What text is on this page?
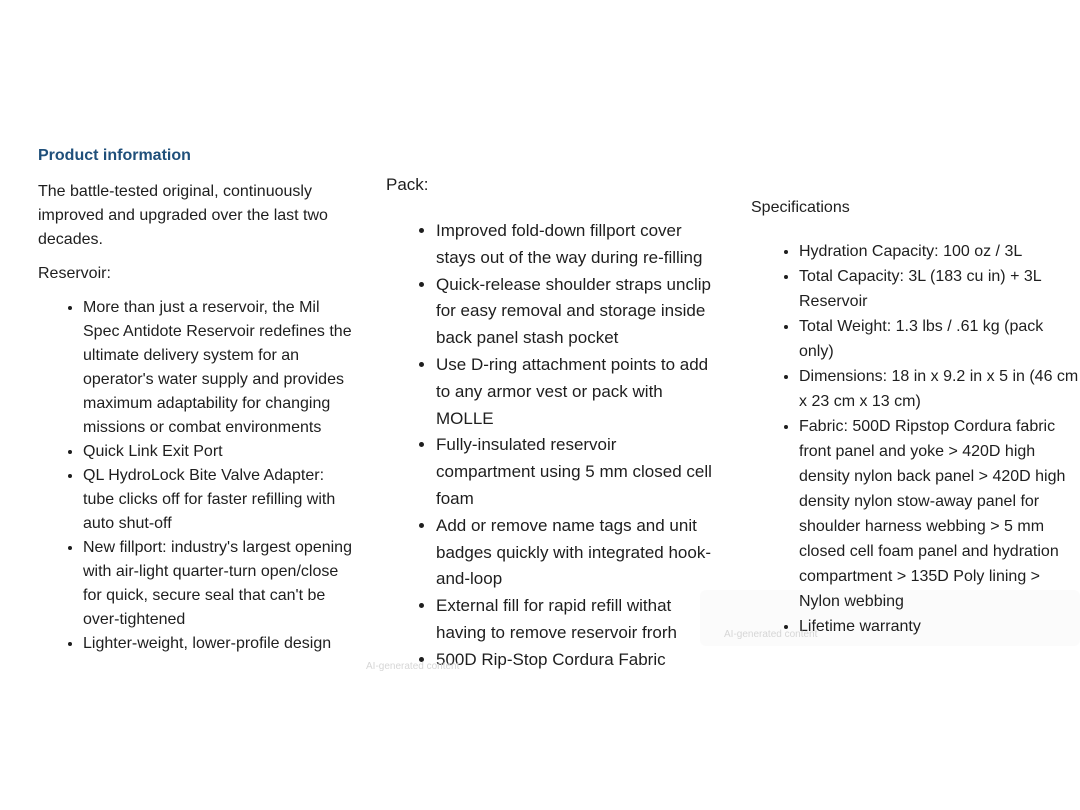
Product information

The battle-tested original, continuously improved and upgraded over the last two decades.

Reservoir:

• More than just a reservoir, the Mil Spec Antidote Reservoir redefines the ultimate delivery system for an operator's water supply and provides maximum adaptability for changing missions or combat environments
• Quick Link Exit Port
• QL HydroLock Bite Valve Adapter: tube clicks off for faster refilling with auto shut-off
• New fillport: industry's largest opening with air-light quarter-turn open/close for quick, secure seal that can't be over-tightened
• Lighter-weight, lower-profile design

Pack:

• Improved fold-down fillport cover stays out of the way during re-filling
• Quick-release shoulder straps unclip for easy removal and storage inside back panel stash pocket
• Use D-ring attachment points to add to any armor vest or pack with MOLLE
• Fully-insulated reservoir compartment using 5 mm closed cell foam
• Add or remove name tags and unit badges quickly with integrated hook-and-loop
• External fill for rapid refill withat having to remove reservoir frorh
• 500D Rip-Stop Cordura Fabric

Specifications

• Hydration Capacity: 100 oz / 3L
• Total Capacity: 3L (183 cu in) + 3L Reservoir
• Total Weight: 1.3 lbs / .61 kg (pack only)
• Dimensions: 18 in x 9.2 in x 5 in (46 cm x 23 cm x 13 cm)
• Fabric: 500D Ripstop Cordura fabric front panel and yoke > 420D high density nylon back panel > 420D high density nylon stow-away panel for shoulder harness webbing > 5 mm closed cell foam panel and hydration compartment > 135D Poly lining > Nylon webbing
• Lifetime warranty
AI-generated content
AI-generated content
